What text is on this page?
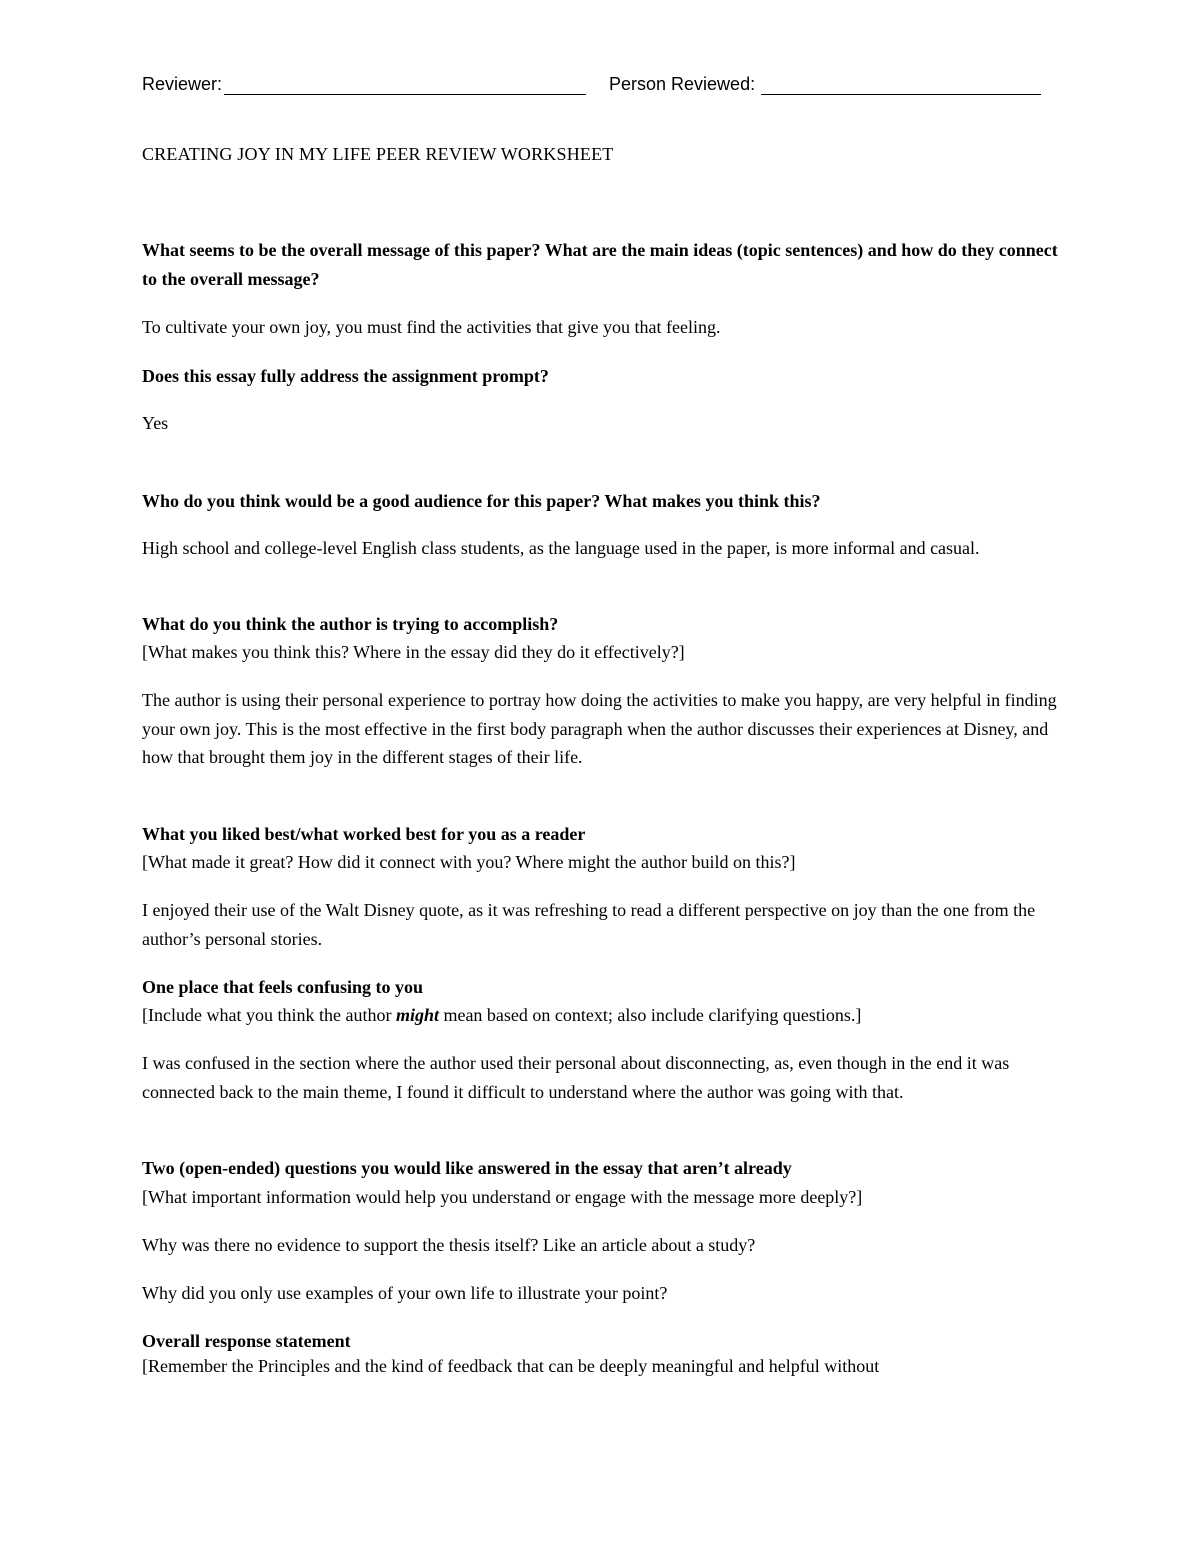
Reviewer:	Person Reviewed:

CREATING JOY IN MY LIFE PEER REVIEW WORKSHEET

What seems to be the overall message of this paper? What are the main ideas (topic sentences) and how do they connect to the overall message?

To cultivate your own joy, you must find the activities that give you that feeling.

Does this essay fully address the assignment prompt?

Yes

Who do you think would be a good audience for this paper? What makes you think this?

High school and college-level English class students, as the language used in the paper, is more informal and casual.

What do you think the author is trying to accomplish?

[What makes you think this? Where in the essay did they do it effectively?]

The author is using their personal experience to portray how doing the activities to make you happy, are very helpful in finding your own joy. This is the most effective in the first body paragraph when the author discusses their experiences at Disney, and how that brought them joy in the different stages of their life.

What you liked best/what worked best for you as a reader

[What made it great? How did it connect with you? Where might the author build on this?]

I enjoyed their use of the Walt Disney quote, as it was refreshing to read a different perspective on joy than the one from the author’s personal stories.

One place that feels confusing to you

[Include what you think the author might mean based on context; also include clarifying questions.]

I was confused in the section where the author used their personal about disconnecting, as, even though in the end it was connected back to the main theme, I found it difficult to understand where the author was going with that.

Two (open-ended) questions you would like answered in the essay that aren’t already

[What important information would help you understand or engage with the message more deeply?]

Why was there no evidence to support the thesis itself? Like an article about a study?

Why did you only use examples of your own life to illustrate your point?

Overall response statement

[Remember the Principles and the kind of feedback that can be deeply meaningful and helpful without
